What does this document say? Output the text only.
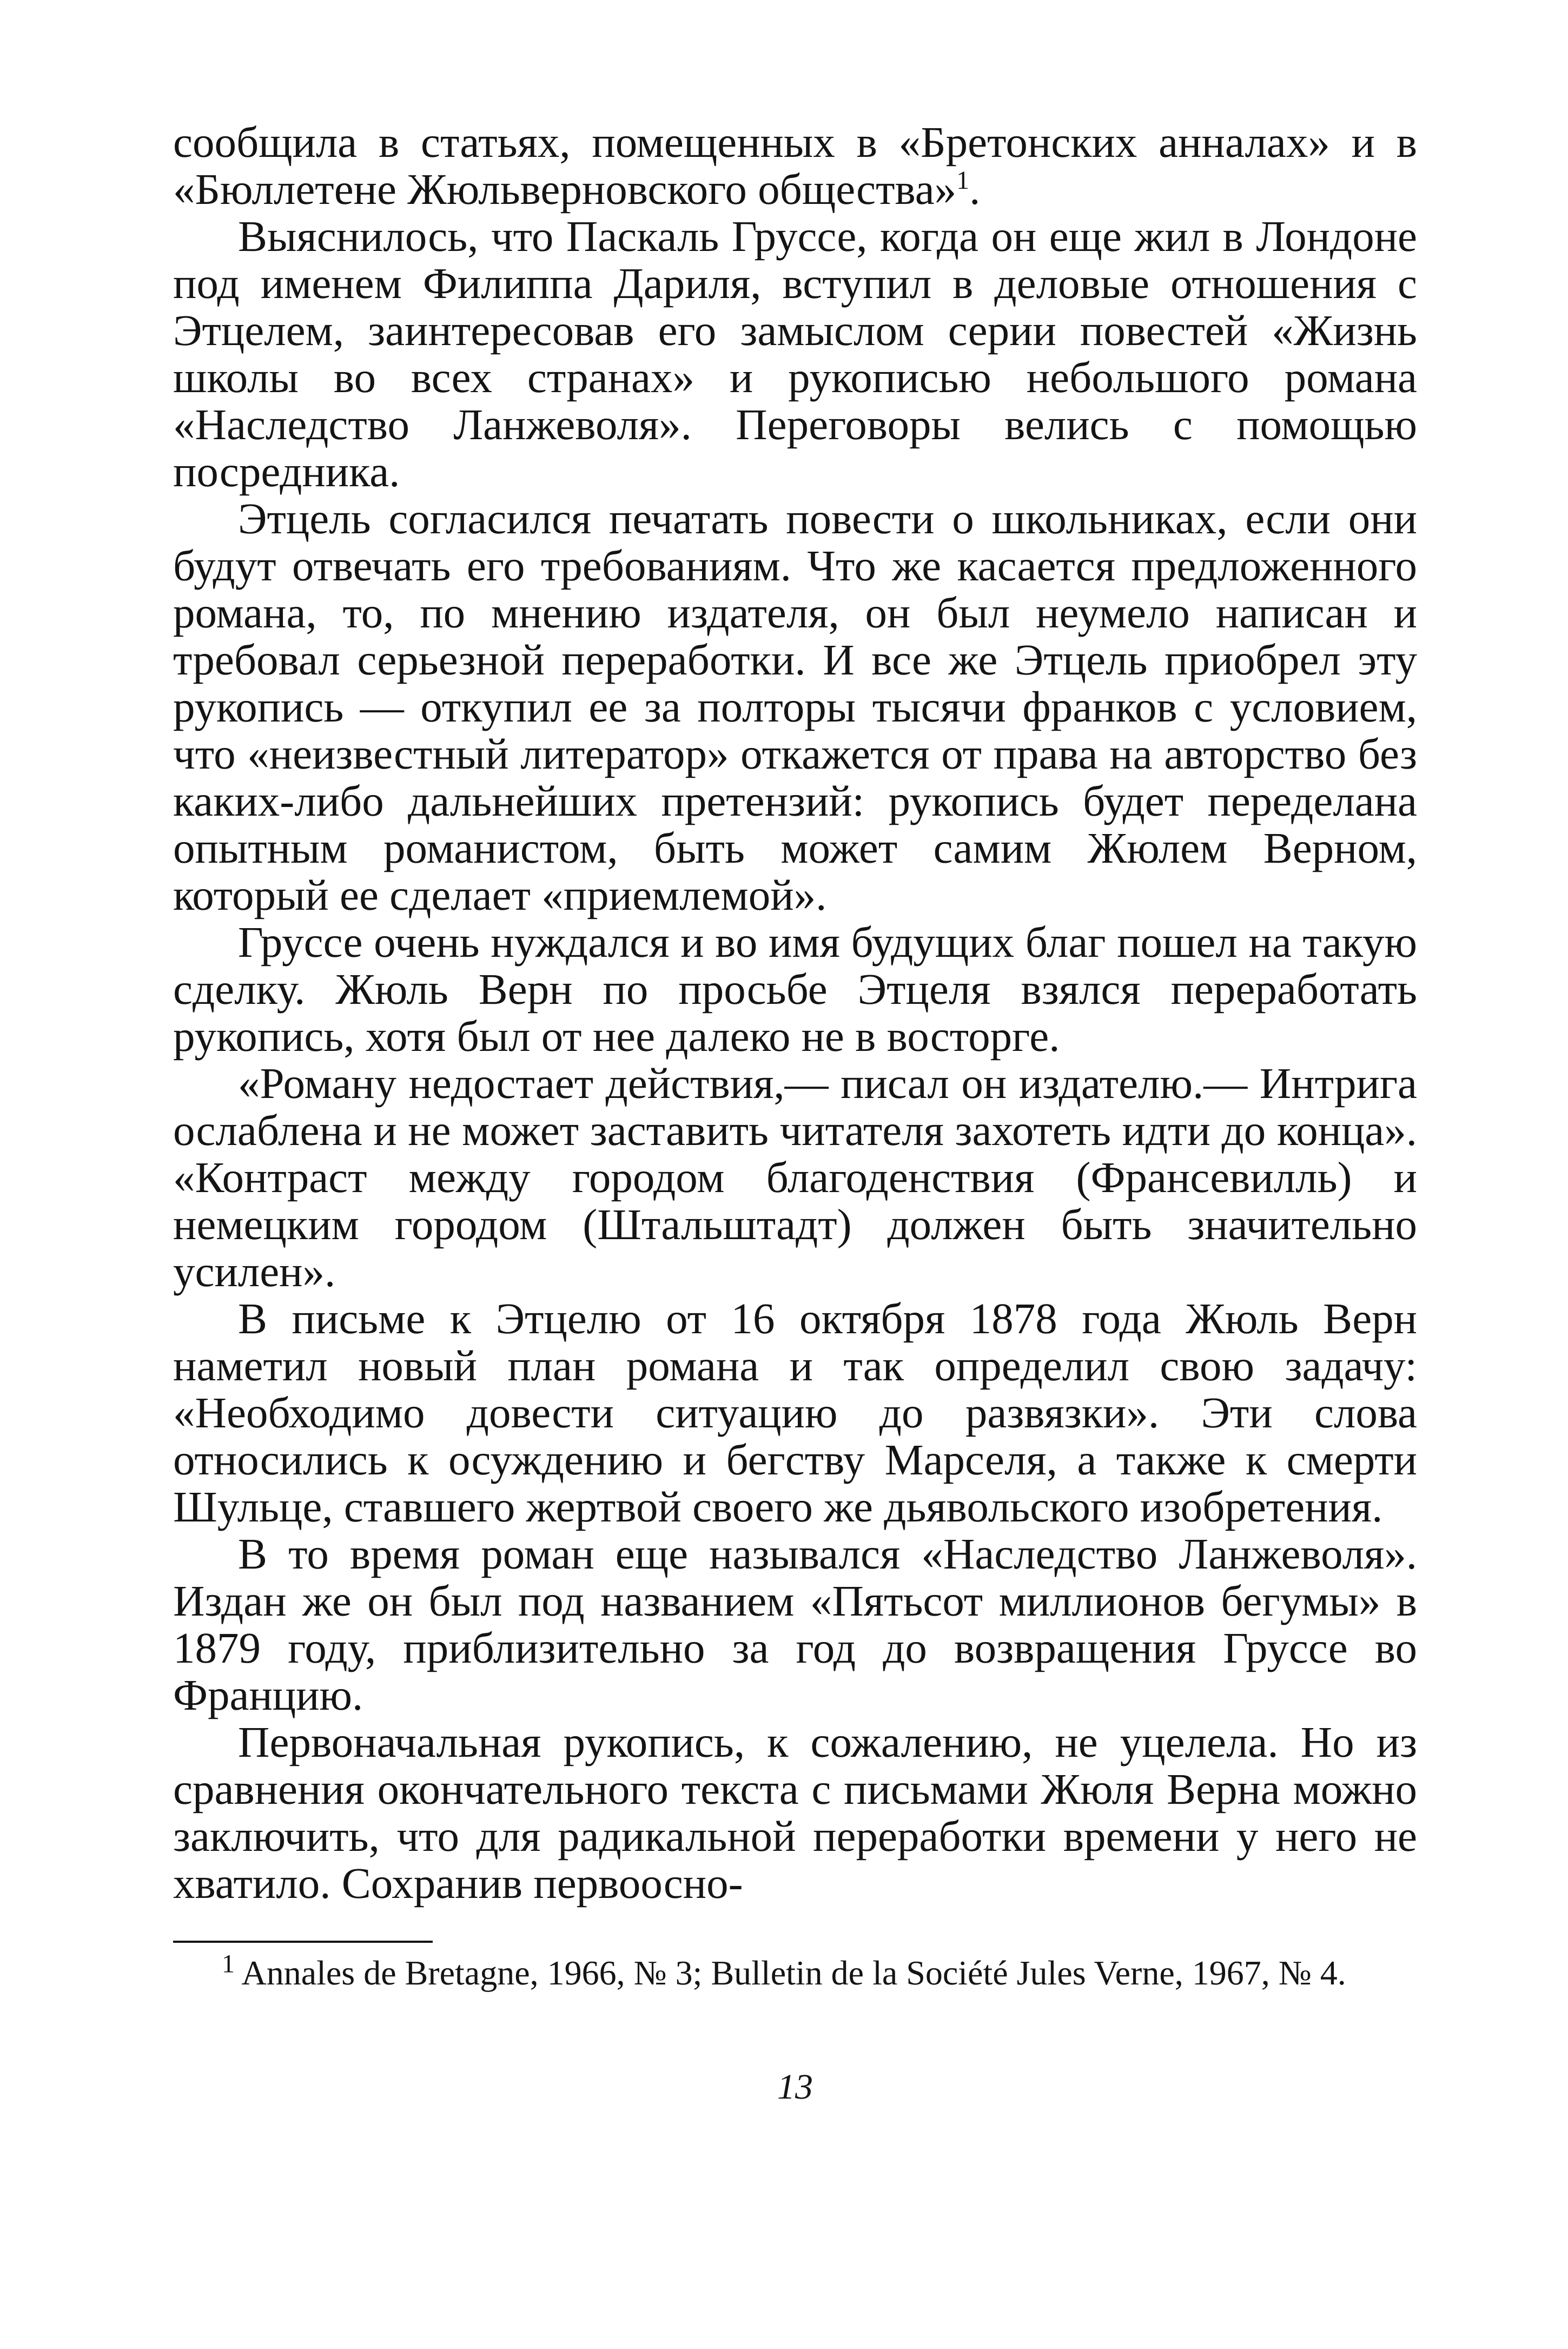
сообщила в статьях, помещенных в «Бретонских анналах» и в «Бюллетене Жюльверновского общества»$^1$.

Выяснилось, что Паскаль Груссе, когда он еще жил в Лондоне под именем Филиппа Дариля, вступил в деловые отношения с Этцелем, заинтересовав его замыслом серии повестей «Жизнь школы во всех странах» и рукописью небольшого романа «Наследство Ланжеволя». Переговоры велись с помощью посредника.

Этцель согласился печатать повести о школьниках, если они будут отвечать его требованиям. Что же касается предложенного романа, то, по мнению издателя, он был неумело написан и требовал серьезной переработки. И все же Этцель приобрел эту рукопись — откупил ее за полторы тысячи франков с условием, что «неизвестный литератор» откажется от права на авторство без каких-либо дальнейших претензий: рукопись будет переделана опытным романистом, быть может самим Жюлем Верном, который ее сделает «приемлемой».

Груссе очень нуждался и во имя будущих благ пошел на такую сделку. Жюль Верн по просьбе Этцеля взялся переработать рукопись, хотя был от нее далеко не в восторге.

«Роману недостает действия,— писал он издателю.— Интрига ослаблена и не может заставить читателя захотеть идти до конца». «Контраст между городом благоденствия (Франсевилль) и немецким городом (Штальштадт) должен быть значительно усилен».

В письме к Этцелю от 16 октября 1878 года Жюль Верн наметил новый план романа и так определил свою задачу: «Необходимо довести ситуацию до развязки». Эти слова относились к осуждению и бегству Марселя, а также к смерти Шульце, ставшего жертвой своего же дьявольского изобретения.

В то время роман еще назывался «Наследство Ланжеволя». Издан же он был под названием «Пятьсот миллионов бегумы» в 1879 году, приблизительно за год до возвращения Груссе во Францию.

Первоначальная рукопись, к сожалению, не уцелела. Но из сравнения окончательного текста с письмами Жюля Верна можно заключить, что для радикальной переработки времени у него не хватило. Сохранив первоосно-

$^1$ Annales de Bretagne, 1966, № 3; Bulletin de la Société Jules Verne, 1967, № 4.

13
